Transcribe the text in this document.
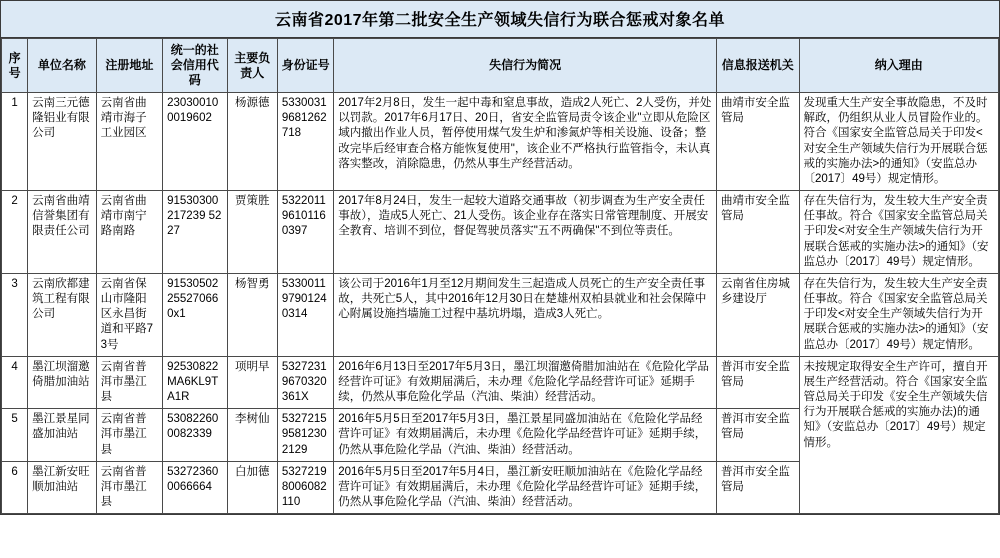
云南省2017年第二批安全生产领域失信行为联合惩戒对象名单
序号	单位名称	注册地址	统一的社会信用代码	主要负责人	身份证号	失信行为简况	信息报送机关	纳入理由
1	云南三元德隆铝业有限公司	云南省曲靖市海子工业园区	230300100019602	杨源德	53300319681262718	2017年2月8日，发生一起中毒和窒息事故，造成2人死亡、2人受伤，并处以罚款。2017年6月17日、20日，省安全监管局责令该企业"立即从危险区域内撤出作业人员，暂停使用煤气发生炉和渗氮炉等相关设施、设备；整改完毕后经审查合格方能恢复使用"，该企业不严格执行监管指令，未认真落实整改，消除隐患，仍然从事生产经营活动。	曲靖市安全监管局	发现重大生产安全事故隐患，不及时解政，仍组织从业人员冒险作业的。符合《国家安全监管总局关于印发<对安全生产领域失信行为开展联合惩戒的实施办法>的通知》（安监总办〔2017〕49号）规定情形。
2	云南省曲靖信誉集团有限责任公司	云南省曲靖市南宁路南路	91530300217239 5227	贾策胜	53220119610116 0397	2017年8月24日，发生一起较大道路交通事故（初步调查为生产安全责任事故），造成5人死亡、21人受伤。该企业存在落实日常管理制度、开展安全教育、培训不到位，督促驾驶员落实"五不两确保"不到位等责任。	曲靖市安全监管局	存在失信行为，发生较大生产安全责任事故。符合《国家安全监管总局关于印发<对安全生产领域失信行为开展联合惩戒的实施办法>的通知》（安监总办〔2017〕49号）规定情形。
3	云南欣都建筑工程有限公司	云南省保山市隆阳区永昌街道和平路73号	91530502255270660x1	杨智勇	53300119790124 0314	该公司于2016年1月至12月期间发生三起造成人员死亡的生产安全责任事故，共死亡5人，其中2016年12月30日在楚雄州双柏县就业和社会保障中心附属设施挡墙施工过程中基坑坍塌，造成3人死亡。	云南省住房城乡建设厅	存在失信行为，发生较大生产安全责任事故。符合《国家安全监管总局关于印发<对安全生产领域失信行为开展联合惩戒的实施办法>的通知》（安监总办〔2017〕49号）规定情形。
4	墨江坝溜邀倚腊加油站	云南省普洱市墨江县	92530822MA6KL9TA1R	项明早	53272319670320 361X	2016年6月13日至2017年5月3日，墨江坝溜邀倚腊加油站在《危险化学品经营许可证》有效期届满后，未办理《危险化学品经营许可证》延期手续，仍然从事危险化学品（汽油、柴油）经营活动。	普洱市安全监管局	未按规定取得安全生产许可，擅自开展生产经营活动。符合《国家安全监管总局关于印发《安全生产领域失信行为开展联合惩戒的实施办法)的通知》（安监总办〔2017〕49号）规定情形。
5	墨江景星同盛加油站	云南省普洱市墨江县	530822600082339	李树仙	53272159581230 2129	2016年5月5日至2017年5月3日，墨江景星同盛加油站在《危险化学品经营许可证》有效期届满后，未办理《危险化学品经营许可证》延期手续，仍然从事危险化学品（汽油、柴油）经营活动。	普洱市安全监管局	
6	墨江新安旺顺加油站	云南省普洱市墨江县	532723600066664	白加德	53272198006082110	2016年5月5日至2017年5月4日，墨江新安旺顺加油站在《危险化学品经营许可证》有效期届满后，未办理《危险化学品经营许可证》延期手续，仍然从事危险化学品（汽油、柴油）经营活动。	普洱市安全监管局	
